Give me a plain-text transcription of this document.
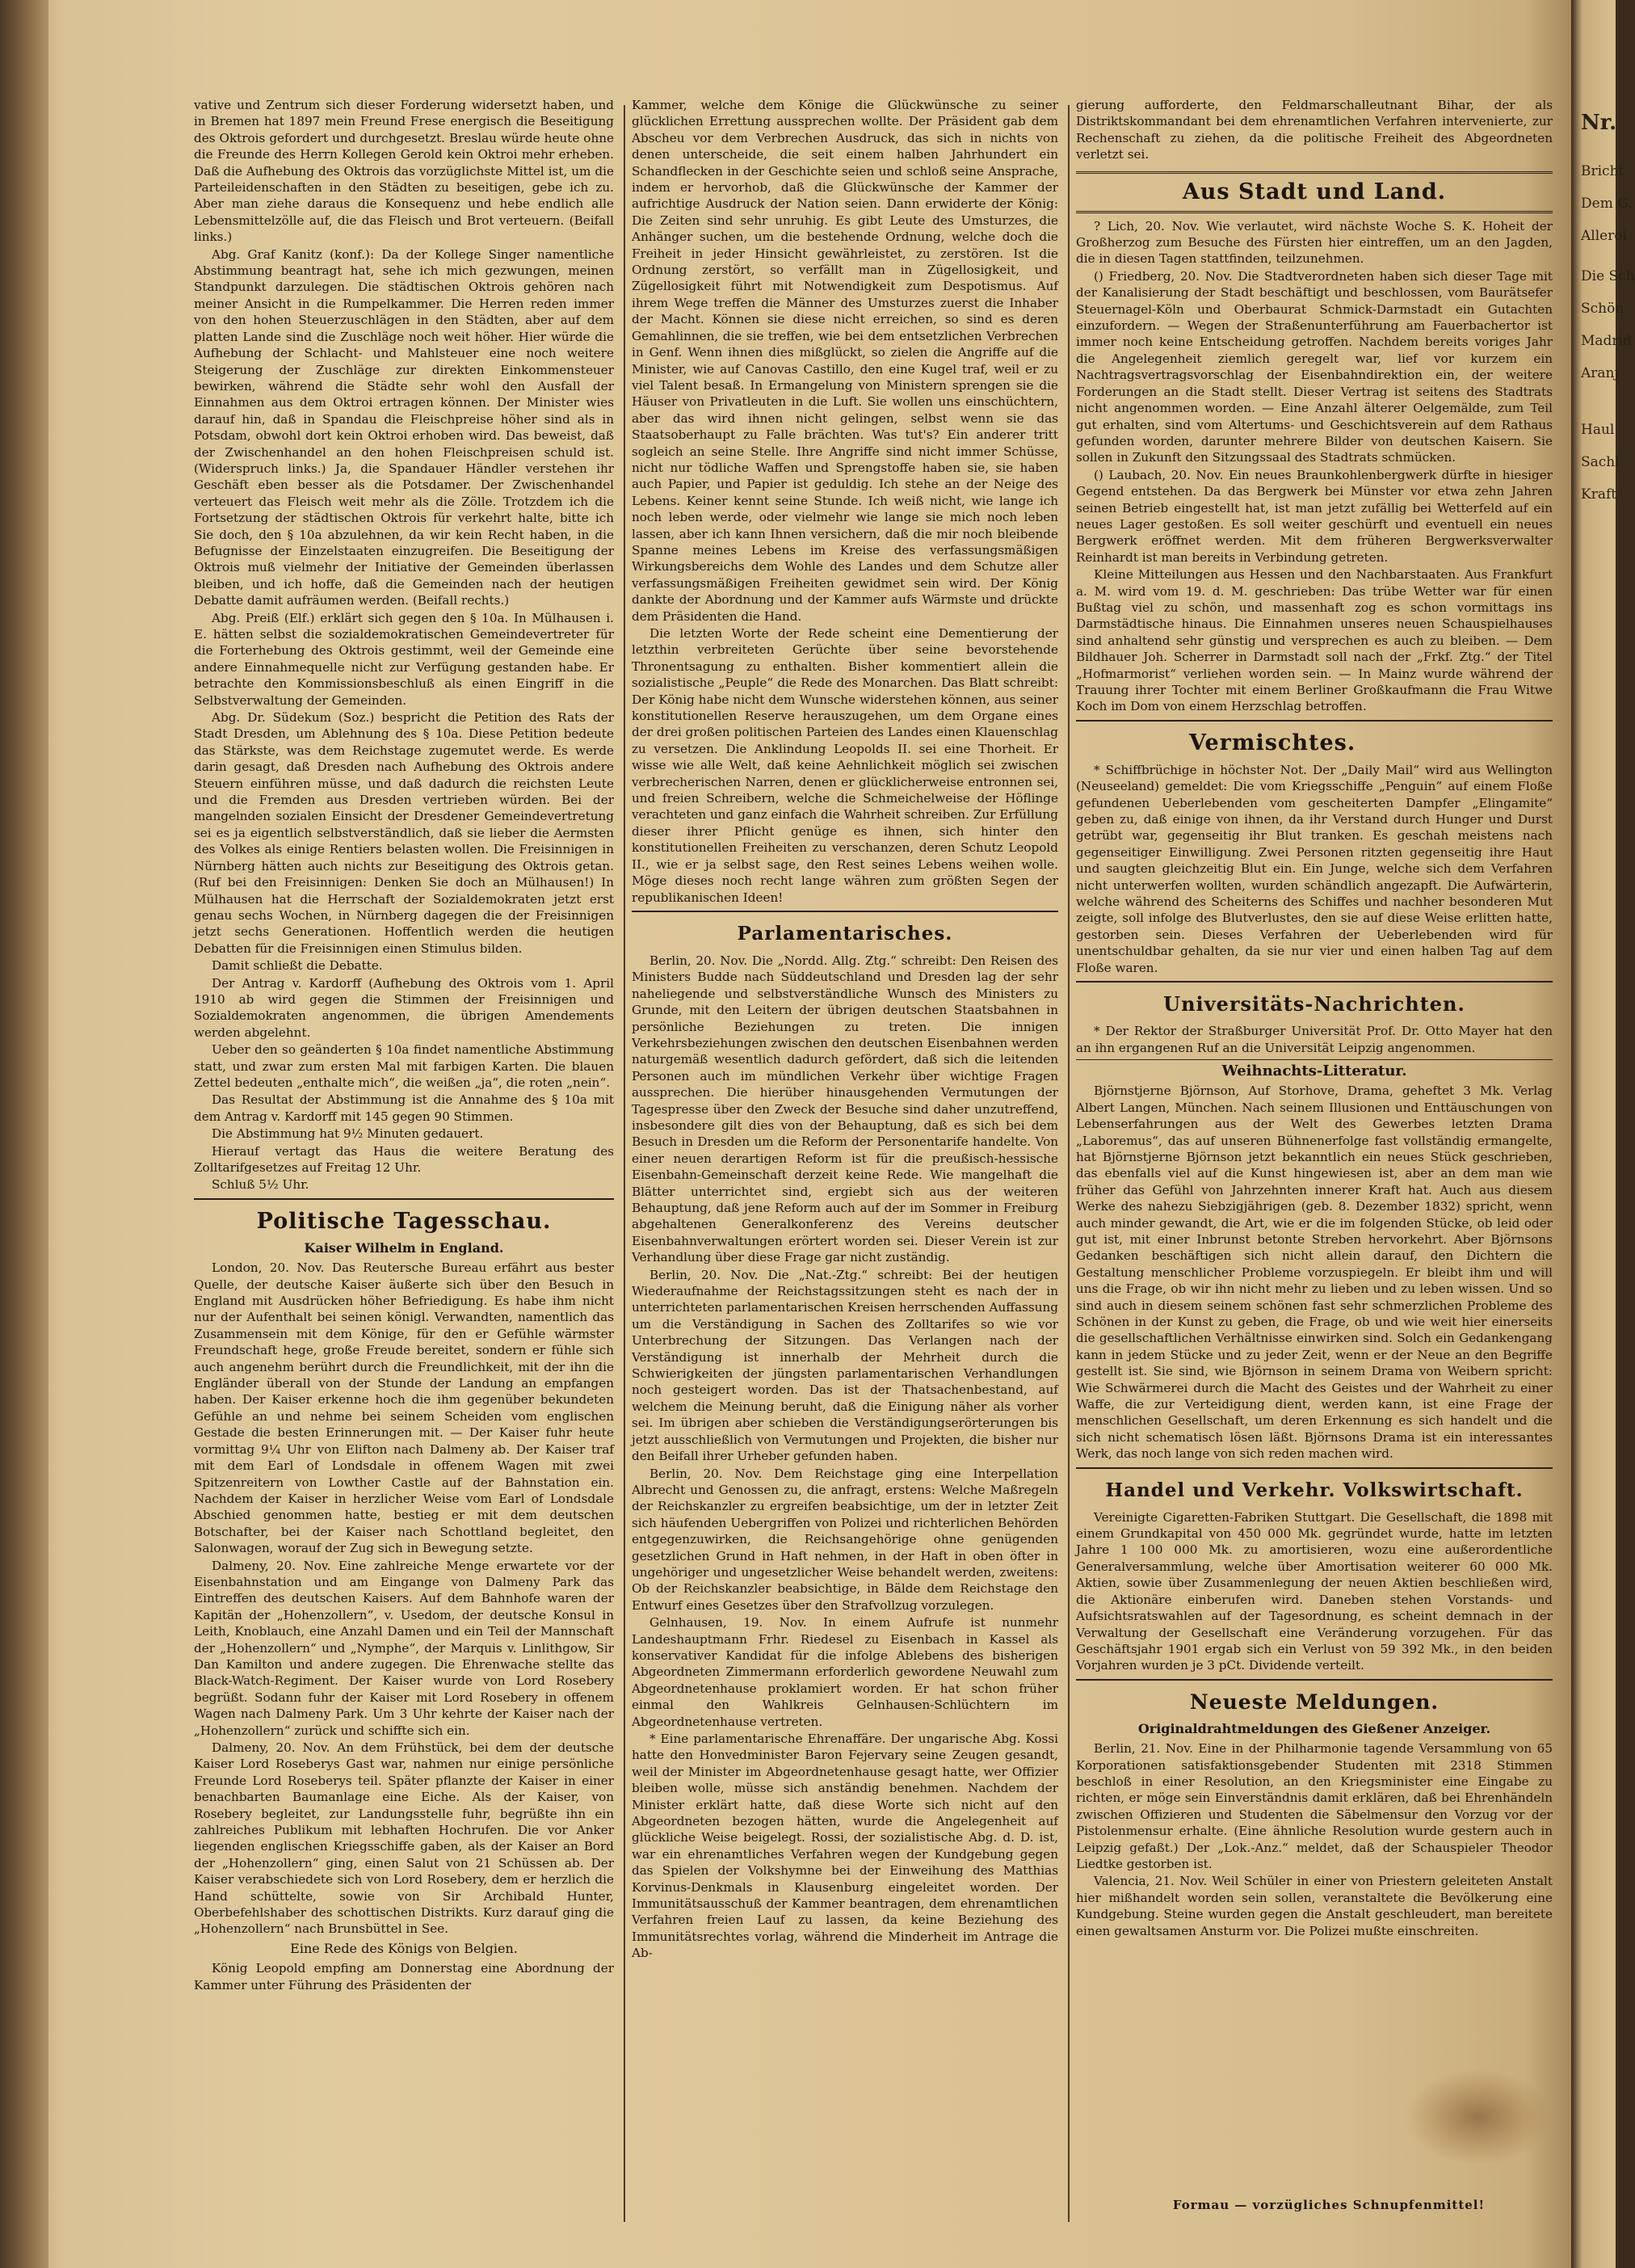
vative und Zentrum sich dieser Forderung widersetzt haben, und in Bremen hat 1897 mein Freund Frese energisch die Beseitigung des Oktrois gefordert und durchgesetzt. Breslau würde heute ohne die Freunde des Herrn Kollegen Gerold kein Oktroi mehr erheben. Daß die Aufhebung des Oktrois das vorzüglichste Mittel ist, um die Parteileidenschaften in den Städten zu beseitigen, gebe ich zu. Aber man ziehe daraus die Konsequenz und hebe endlich alle Lebensmittelzölle auf, die das Fleisch und Brot verteuern. (Beifall links.)

Abg. Graf Kanitz (konf.): Da der Kollege Singer namentliche Abstimmung beantragt hat, sehe ich mich gezwungen, meinen Standpunkt darzulegen. Die städtischen Oktrois gehören nach meiner Ansicht in die Rumpelkammer. Die Herren reden immer von den hohen Steuerzuschlägen in den Städten, aber auf dem platten Lande sind die Zuschläge noch weit höher. Hier würde die Aufhebung der Schlacht- und Mahlsteuer eine noch weitere Steigerung der Zuschläge zur direkten Einkommensteuer bewirken, während die Städte sehr wohl den Ausfall der Einnahmen aus dem Oktroi ertragen können. Der Minister wies darauf hin, daß in Spandau die Fleischpreise höher sind als in Potsdam, obwohl dort kein Oktroi erhoben wird. Das beweist, daß der Zwischenhandel an den hohen Fleischpreisen schuld ist. (Widerspruch links.) Ja, die Spandauer Händler verstehen ihr Geschäft eben besser als die Potsdamer. Der Zwischenhandel verteuert das Fleisch weit mehr als die Zölle. Trotzdem ich die Fortsetzung der städtischen Oktrois für verkehrt halte, bitte ich Sie doch, den § 10a abzulehnen, da wir kein Recht haben, in die Befugnisse der Einzelstaaten einzugreifen. Die Beseitigung der Oktrois muß vielmehr der Initiative der Gemeinden überlassen bleiben, und ich hoffe, daß die Gemeinden nach der heutigen Debatte damit aufräumen werden. (Beifall rechts.)

Abg. Preiß (Elf.) erklärt sich gegen den § 10a. In Mülhausen i. E. hätten selbst die sozialdemokratischen Gemeindevertreter für die Forterhebung des Oktrois gestimmt, weil der Gemeinde eine andere Einnahmequelle nicht zur Verfügung gestanden habe. Er betrachte den Kommissionsbeschluß als einen Eingriff in die Selbstverwaltung der Gemeinden.

Abg. Dr. Südekum (Soz.) bespricht die Petition des Rats der Stadt Dresden, um Ablehnung des § 10a. Diese Petition bedeute das Stärkste, was dem Reichstage zugemutet werde. Es werde darin gesagt, daß Dresden nach Aufhebung des Oktrois andere Steuern einführen müsse, und daß dadurch die reichsten Leute und die Fremden aus Dresden vertrieben würden. Bei der mangelnden sozialen Einsicht der Dresdener Gemeindevertretung sei es ja eigentlich selbstverständlich, daß sie lieber die Aermsten des Volkes als einige Rentiers belasten wollen. Die Freisinnigen in Nürnberg hätten auch nichts zur Beseitigung des Oktrois getan. (Ruf bei den Freisinnigen: Denken Sie doch an Mülhausen!) In Mülhausen hat die Herrschaft der Sozialdemokraten jetzt erst genau sechs Wochen, in Nürnberg dagegen die der Freisinnigen jetzt sechs Generationen. Hoffentlich werden die heutigen Debatten für die Freisinnigen einen Stimulus bilden.

Damit schließt die Debatte.

Der Antrag v. Kardorff (Aufhebung des Oktrois vom 1. April 1910 ab wird gegen die Stimmen der Freisinnigen und Sozialdemokraten angenommen, die übrigen Amendements werden abgelehnt.

Ueber den so geänderten § 10a findet namentliche Abstimmung statt, und zwar zum ersten Mal mit farbigen Karten. Die blauen Zettel bedeuten „enthalte mich“, die weißen „ja“, die roten „nein“.

Das Resultat der Abstimmung ist die Annahme des § 10a mit dem Antrag v. Kardorff mit 145 gegen 90 Stimmen.

Die Abstimmung hat 9½ Minuten gedauert.

Hierauf vertagt das Haus die weitere Beratung des Zolltarifgesetzes auf Freitag 12 Uhr.

Schluß 5½ Uhr.

Politische Tagesschau.
Kaiser Wilhelm in England.

London, 20. Nov. Das Reutersche Bureau erfährt aus bester Quelle, der deutsche Kaiser äußerte sich über den Besuch in England mit Ausdrücken höher Befriedigung. Es habe ihm nicht nur der Aufenthalt bei seinen königl. Verwandten, namentlich das Zusammensein mit dem Könige, für den er Gefühle wärmster Freundschaft hege, große Freude bereitet, sondern er fühle sich auch angenehm berührt durch die Freundlichkeit, mit der ihn die Engländer überall von der Stunde der Landung an empfangen haben. Der Kaiser erkenne hoch die ihm gegenüber bekundeten Gefühle an und nehme bei seinem Scheiden vom englischen Gestade die besten Erinnerungen mit. — Der Kaiser fuhr heute vormittag 9¼ Uhr von Elifton nach Dalmeny ab. Der Kaiser traf mit dem Earl of Londsdale in offenem Wagen mit zwei Spitzenreitern von Lowther Castle auf der Bahnstation ein. Nachdem der Kaiser in herzlicher Weise vom Earl of Londsdale Abschied genommen hatte, bestieg er mit dem deutschen Botschafter, bei der Kaiser nach Schottland begleitet, den Salonwagen, worauf der Zug sich in Bewegung setzte.

Dalmeny, 20. Nov. Eine zahlreiche Menge erwartete vor der Eisenbahnstation und am Eingange von Dalmeny Park das Eintreffen des deutschen Kaisers. Auf dem Bahnhofe waren der Kapitän der „Hohenzollern“, v. Usedom, der deutsche Konsul in Leith, Knoblauch, eine Anzahl Damen und ein Teil der Mannschaft der „Hohenzollern“ und „Nymphe“, der Marquis v. Linlithgow, Sir Dan Kamilton und andere zugegen. Die Ehrenwache stellte das Black-Watch-Regiment. Der Kaiser wurde von Lord Rosebery begrüßt. Sodann fuhr der Kaiser mit Lord Rosebery in offenem Wagen nach Dalmeny Park. Um 3 Uhr kehrte der Kaiser nach der „Hohenzollern“ zurück und schiffte sich ein.

Dalmeny, 20. Nov. An dem Frühstück, bei dem der deutsche Kaiser Lord Roseberys Gast war, nahmen nur einige persönliche Freunde Lord Roseberys teil. Später pflanzte der Kaiser in einer benachbarten Baumanlage eine Eiche. Als der Kaiser, von Rosebery begleitet, zur Landungsstelle fuhr, begrüßte ihn ein zahlreiches Publikum mit lebhaften Hochrufen. Die vor Anker liegenden englischen Kriegsschiffe gaben, als der Kaiser an Bord der „Hohenzollern“ ging, einen Salut von 21 Schüssen ab. Der Kaiser verabschiedete sich von Lord Rosebery, dem er herzlich die Hand schüttelte, sowie von Sir Archibald Hunter, Oberbefehlshaber des schottischen Distrikts. Kurz darauf ging die „Hohenzollern“ nach Brunsbüttel in See.

Eine Rede des Königs von Belgien.

König Leopold empfing am Donnerstag eine Abordnung der Kammer unter Führung des Präsidenten der

Kammer, welche dem Könige die Glückwünsche zu seiner glücklichen Errettung aussprechen wollte. Der Präsident gab dem Abscheu vor dem Verbrechen Ausdruck, das sich in nichts von denen unterscheide, die seit einem halben Jahrhundert ein Schandflecken in der Geschichte seien und schloß seine Ansprache, indem er hervorhob, daß die Glückwünsche der Kammer der aufrichtige Ausdruck der Nation seien. Dann erwiderte der König: Die Zeiten sind sehr unruhig. Es gibt Leute des Umsturzes, die Anhänger suchen, um die bestehende Ordnung, welche doch die Freiheit in jeder Hinsicht gewährleistet, zu zerstören. Ist die Ordnung zerstört, so verfällt man in Zügellosigkeit, und Zügellosigkeit führt mit Notwendigkeit zum Despotismus. Auf ihrem Wege treffen die Männer des Umsturzes zuerst die Inhaber der Macht. Können sie diese nicht erreichen, so sind es deren Gemahlinnen, die sie treffen, wie bei dem entsetzlichen Verbrechen in Genf. Wenn ihnen dies mißglückt, so zielen die Angriffe auf die Minister, wie auf Canovas Castillo, den eine Kugel traf, weil er zu viel Talent besaß. In Ermangelung von Ministern sprengen sie die Häuser von Privatleuten in die Luft. Sie wollen uns einschüchtern, aber das wird ihnen nicht gelingen, selbst wenn sie das Staatsoberhaupt zu Falle brächten. Was tut's? Ein anderer tritt sogleich an seine Stelle. Ihre Angriffe sind nicht immer Schüsse, nicht nur tödliche Waffen und Sprengstoffe haben sie, sie haben auch Papier, und Papier ist geduldig. Ich stehe an der Neige des Lebens. Keiner kennt seine Stunde. Ich weiß nicht, wie lange ich noch leben werde, oder vielmehr wie lange sie mich noch leben lassen, aber ich kann Ihnen versichern, daß die mir noch bleibende Spanne meines Lebens im Kreise des verfassungsmäßigen Wirkungsbereichs dem Wohle des Landes und dem Schutze aller verfassungsmäßigen Freiheiten gewidmet sein wird. Der König dankte der Abordnung und der Kammer aufs Wärmste und drückte dem Präsidenten die Hand.

Die letzten Worte der Rede scheint eine Dementierung der letzthin verbreiteten Gerüchte über seine bevorstehende Thronentsagung zu enthalten. Bisher kommentiert allein die sozialistische „Peuple“ die Rede des Monarchen. Das Blatt schreibt: Der König habe nicht dem Wunsche widerstehen können, aus seiner konstitutionellen Reserve herauszugehen, um dem Organe eines der drei großen politischen Parteien des Landes einen Klauenschlag zu versetzen. Die Anklindung Leopolds II. sei eine Thorheit. Er wisse wie alle Welt, daß keine Aehnlichkeit möglich sei zwischen verbrecherischen Narren, denen er glücklicherweise entronnen sei, und freien Schreibern, welche die Schmeichelweise der Höflinge verachteten und ganz einfach die Wahrheit schreiben. Zur Erfüllung dieser ihrer Pflicht genüge es ihnen, sich hinter den konstitutionellen Freiheiten zu verschanzen, deren Schutz Leopold II., wie er ja selbst sage, den Rest seines Lebens weihen wolle. Möge dieses noch recht lange währen zum größten Segen der republikanischen Ideen!

Parlamentarisches.

Berlin, 20. Nov. Die „Nordd. Allg. Ztg.“ schreibt: Den Reisen des Ministers Budde nach Süddeutschland und Dresden lag der sehr naheliegende und selbstverständliche Wunsch des Ministers zu Grunde, mit den Leitern der übrigen deutschen Staatsbahnen in persönliche Beziehungen zu treten. Die innigen Verkehrsbeziehungen zwischen den deutschen Eisenbahnen werden naturgemäß wesentlich dadurch gefördert, daß sich die leitenden Personen auch im mündlichen Verkehr über wichtige Fragen aussprechen. Die hierüber hinausgehenden Vermutungen der Tagespresse über den Zweck der Besuche sind daher unzutreffend, insbesondere gilt dies von der Behauptung, daß es sich bei dem Besuch in Dresden um die Reform der Personentarife handelte. Von einer neuen derartigen Reform ist für die preußisch-hessische Eisenbahn-Gemeinschaft derzeit keine Rede. Wie mangelhaft die Blätter unterrichtet sind, ergiebt sich aus der weiteren Behauptung, daß jene Reform auch auf der im Sommer in Freiburg abgehaltenen Generalkonferenz des Vereins deutscher Eisenbahnverwaltungen erörtert worden sei. Dieser Verein ist zur Verhandlung über diese Frage gar nicht zuständig.

Berlin, 20. Nov. Die „Nat.-Ztg.“ schreibt: Bei der heutigen Wiederaufnahme der Reichstagssitzungen steht es nach der in unterrichteten parlamentarischen Kreisen herrschenden Auffassung um die Verständigung in Sachen des Zolltarifes so wie vor Unterbrechung der Sitzungen. Das Verlangen nach der Verständigung ist innerhalb der Mehrheit durch die Schwierigkeiten der jüngsten parlamentarischen Verhandlungen noch gesteigert worden. Das ist der Thatsachenbestand, auf welchem die Meinung beruht, daß die Einigung näher als vorher sei. Im übrigen aber schieben die Verständigungserörterungen bis jetzt ausschließlich von Vermutungen und Projekten, die bisher nur den Beifall ihrer Urheber gefunden haben.

Berlin, 20. Nov. Dem Reichstage ging eine Interpellation Albrecht und Genossen zu, die anfragt, erstens: Welche Maßregeln der Reichskanzler zu ergreifen beabsichtige, um der in letzter Zeit sich häufenden Uebergriffen von Polizei und richterlichen Behörden entgegenzuwirken, die Reichsangehörige ohne genügenden gesetzlichen Grund in Haft nehmen, in der Haft in oben öfter in ungehöriger und ungesetzlicher Weise behandelt werden, zweitens: Ob der Reichskanzler beabsichtige, in Bälde dem Reichstage den Entwurf eines Gesetzes über den Strafvollzug vorzulegen.

Gelnhausen, 19. Nov. In einem Aufrufe ist nunmehr Landeshauptmann Frhr. Riedesel zu Eisenbach in Kassel als konservativer Kandidat für die infolge Ablebens des bisherigen Abgeordneten Zimmermann erforderlich gewordene Neuwahl zum Abgeordnetenhause proklamiert worden. Er hat schon früher einmal den Wahlkreis Gelnhausen-Schlüchtern im Abgeordnetenhause vertreten.

* Eine parlamentarische Ehrenaffäre. Der ungarische Abg. Kossi hatte den Honvedminister Baron Fejervary seine Zeugen gesandt, weil der Minister im Abgeordnetenhause gesagt hatte, wer Offizier bleiben wolle, müsse sich anständig benehmen. Nachdem der Minister erklärt hatte, daß diese Worte sich nicht auf den Abgeordneten bezogen hätten, wurde die Angelegenheit auf glückliche Weise beigelegt. Rossi, der sozialistische Abg. d. D. ist, war ein ehrenamtliches Verfahren wegen der Kundgebung gegen das Spielen der Volkshymne bei der Einweihung des Matthias Korvinus-Denkmals in Klausenburg eingeleitet worden. Der Immunitätsausschuß der Kammer beantragen, dem ehrenamtlichen Verfahren freien Lauf zu lassen, da keine Beziehung des Immunitätsrechtes vorlag, während die Minderheit im Antrage die Ab-

gierung aufforderte, den Feldmarschalleutnant Bihar, der als Distriktskommandant bei dem ehrenamtlichen Verfahren intervenierte, zur Rechenschaft zu ziehen, da die politische Freiheit des Abgeordneten verletzt sei.

Aus Stadt und Land.

? Lich, 20. Nov. Wie verlautet, wird nächste Woche S. K. Hoheit der Großherzog zum Besuche des Fürsten hier eintreffen, um an den Jagden, die in diesen Tagen stattfinden, teilzunehmen.

() Friedberg, 20. Nov. Die Stadtverordneten haben sich dieser Tage mit der Kanalisierung der Stadt beschäftigt und beschlossen, vom Baurätsefer Steuernagel-Köln und Oberbaurat Schmick-Darmstadt ein Gutachten einzufordern. — Wegen der Straßenunterführung am Fauerbachertor ist immer noch keine Entscheidung getroffen. Nachdem bereits voriges Jahr die Angelegenheit ziemlich geregelt war, lief vor kurzem ein Nachtragsvertragsvorschlag der Eisenbahndirektion ein, der weitere Forderungen an die Stadt stellt. Dieser Vertrag ist seitens des Stadtrats nicht angenommen worden. — Eine Anzahl älterer Oelgemälde, zum Teil gut erhalten, sind vom Altertums- und Geschichtsverein auf dem Rathaus gefunden worden, darunter mehrere Bilder von deutschen Kaisern. Sie sollen in Zukunft den Sitzungssaal des Stadtrats schmücken.

() Laubach, 20. Nov. Ein neues Braunkohlenbergwerk dürfte in hiesiger Gegend entstehen. Da das Bergwerk bei Münster vor etwa zehn Jahren seinen Betrieb eingestellt hat, ist man jetzt zufällig bei Wetterfeld auf ein neues Lager gestoßen. Es soll weiter geschürft und eventuell ein neues Bergwerk eröffnet werden. Mit dem früheren Bergwerksverwalter Reinhardt ist man bereits in Verbindung getreten.

Kleine Mitteilungen aus Hessen und den Nachbarstaaten. Aus Frankfurt a. M. wird vom 19. d. M. geschrieben: Das trübe Wetter war für einen Bußtag viel zu schön, und massenhaft zog es schon vormittags ins Darmstädtische hinaus. Die Einnahmen unseres neuen Schauspielhauses sind anhaltend sehr günstig und versprechen es auch zu bleiben. — Dem Bildhauer Joh. Scherrer in Darmstadt soll nach der „Frkf. Ztg.“ der Titel „Hofmarmorist“ verliehen worden sein. — In Mainz wurde während der Trauung ihrer Tochter mit einem Berliner Großkaufmann die Frau Witwe Koch im Dom von einem Herzschlag betroffen.

Vermischtes.

* Schiffbrüchige in höchster Not. Der „Daily Mail“ wird aus Wellington (Neuseeland) gemeldet: Die vom Kriegsschiffe „Penguin“ auf einem Floße gefundenen Ueberlebenden vom gescheiterten Dampfer „Elingamite“ geben zu, daß einige von ihnen, da ihr Verstand durch Hunger und Durst getrübt war, gegenseitig ihr Blut tranken. Es geschah meistens nach gegenseitiger Einwilligung. Zwei Personen ritzten gegenseitig ihre Haut und saugten gleichzeitig Blut ein. Ein Junge, welche sich dem Verfahren nicht unterwerfen wollten, wurden schändlich angezapft. Die Aufwärterin, welche während des Scheiterns des Schiffes und nachher besonderen Mut zeigte, soll infolge des Blutverlustes, den sie auf diese Weise erlitten hatte, gestorben sein. Dieses Verfahren der Ueberlebenden wird für unentschuldbar gehalten, da sie nur vier und einen halben Tag auf dem Floße waren.

Universitäts-Nachrichten.

* Der Rektor der Straßburger Universität Prof. Dr. Otto Mayer hat den an ihn ergangenen Ruf an die Universität Leipzig angenommen.

Weihnachts-Litteratur.

Björnstjerne Björnson, Auf Storhove, Drama, geheftet 3 Mk. Verlag Albert Langen, München. Nach seinem Illusionen und Enttäuschungen von Lebenserfahrungen aus der Welt des Gewerbes letzten Drama „Laboremus“, das auf unseren Bühnenerfolge fast vollständig ermangelte, hat Björnstjerne Björnson jetzt bekanntlich ein neues Stück geschrieben, das ebenfalls viel auf die Kunst hingewiesen ist, aber an dem man wie früher das Gefühl von Jahrzehnten innerer Kraft hat. Auch aus diesem Werke des nahezu Siebzigjährigen (geb. 8. Dezember 1832) spricht, wenn auch minder gewandt, die Art, wie er die im folgenden Stücke, ob leid oder gut ist, mit einer Inbrunst betonte Streben hervorkehrt. Aber Björnsons Gedanken beschäftigen sich nicht allein darauf, den Dichtern die Gestaltung menschlicher Probleme vorzuspiegeln. Er bleibt ihm und will uns die Frage, ob wir ihn nicht mehr zu lieben und zu leben wissen. Und so sind auch in diesem seinem schönen fast sehr schmerzlichen Probleme des Schönen in der Kunst zu geben, die Frage, ob und wie weit hier einerseits die gesellschaftlichen Verhältnisse einwirken sind. Solch ein Gedankengang kann in jedem Stücke und zu jeder Zeit, wenn er der Neue an den Begriffe gestellt ist. Sie sind, wie Björnson in seinem Drama von Weibern spricht: Wie Schwärmerei durch die Macht des Geistes und der Wahrheit zu einer Waffe, die zur Verteidigung dient, werden kann, ist eine Frage der menschlichen Gesellschaft, um deren Erkennung es sich handelt und die sich nicht schematisch lösen läßt. Björnsons Drama ist ein interessantes Werk, das noch lange von sich reden machen wird.

Handel und Verkehr. Volkswirtschaft.

Vereinigte Cigaretten-Fabriken Stuttgart. Die Gesellschaft, die 1898 mit einem Grundkapital von 450 000 Mk. gegründet wurde, hatte im letzten Jahre 1 100 000 Mk. zu amortisieren, wozu eine außerordentliche Generalversammlung, welche über Amortisation weiterer 60 000 Mk. Aktien, sowie über Zusammenlegung der neuen Aktien beschließen wird, die Aktionäre einberufen wird. Daneben stehen Vorstands- und Aufsichtsratswahlen auf der Tagesordnung, es scheint demnach in der Verwaltung der Gesellschaft eine Veränderung vorzugehen. Für das Geschäftsjahr 1901 ergab sich ein Verlust von 59 392 Mk., in den beiden Vorjahren wurden je 3 pCt. Dividende verteilt.

Neueste Meldungen.
Originaldrahtmeldungen des Gießener Anzeiger.

Berlin, 21. Nov. Eine in der Philharmonie tagende Versammlung von 65 Korporationen satisfaktionsgebender Studenten mit 2318 Stimmen beschloß in einer Resolution, an den Kriegsminister eine Eingabe zu richten, er möge sein Einverständnis damit erklären, daß bei Ehrenhändeln zwischen Offizieren und Studenten die Säbelmensur den Vorzug vor der Pistolenmensur erhalte. (Eine ähnliche Resolution wurde gestern auch in Leipzig gefaßt.) Der „Lok.-Anz.“ meldet, daß der Schauspieler Theodor Liedtke gestorben ist.

Valencia, 21. Nov. Weil Schüler in einer von Priestern geleiteten Anstalt hier mißhandelt worden sein sollen, veranstaltete die Bevölkerung eine Kundgebung. Steine wurden gegen die Anstalt geschleudert, man bereitete einen gewaltsamen Ansturm vor. Die Polizei mußte einschreiten.

Formau — vorzügliches Schnupfenmittel!
Nr.
Bricht
Dem G.
Alleroi
Die Sch
Schön
Madrid
Aranj
Haul
Sachl
Kraft
